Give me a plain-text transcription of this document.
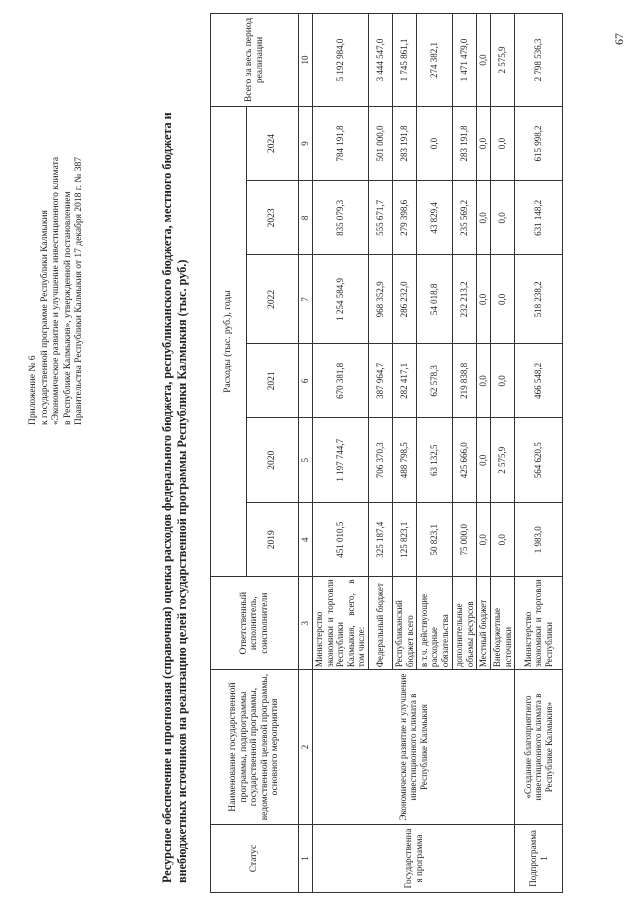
Приложение № 6 к государственной программе Республики Калмыкия «Экономическое развитие и улучшение инвестиционного климата в Республике Калмыкия», утвержденной постановлением Правительства Республики Калмыкия от 17 декабря 2018 г. № 387	Ресурсное обеспечение и прогнозная (справочная) оценка расходов федерального бюджета, республиканского бюджета, местного бюджета и внебюджетных источников на реализацию целей государственной программы Республики Калмыкия (тыс. руб.)	Статус	Наименование государственной программы, подпрограммы государственной программы, ведомственной целевой программы, основного мероприятия	Ответственный исполнитель, соисполнители	Расходы (тыс. руб.), годы						Всего за весь период реализации
			2019	2020	2021	2022	2023	2024	
1	2	3	4	5	6	7	8	9	10
Государственна я программа	Экономическое развитие и улучшение инвестиционного климата в Республике Калмыкия	Министерство экономики и торговли Республики Калмыкия, всего, в том числе:	451 010,5	1 197 744,7	670 381,8	1 254 584,9	835 079,3	784 191,8	5 192 984,0
		Федеральный бюджет	325 187,4	706 370,3	387 964,7	968 352,9	555 671,7	501 000,0	3 444 547,0
		Республиканский бюджет всего	125 823,1	488 798,5	282 417,1	286 232,0	279 398,6	283 191,8	1 745 861,1
		в т.ч. действующие расходные обязательства	50 823,1	63 132,5	62 578,3	54 018,8	43 829,4	0,0	274 382,1
		дополнительные объемы ресурсов	75 000,0	425 666,0	219 838,8	232 213,2	235 569,2	283 191,8	1 471 479,0
		Местный бюджет	0,0	0,0	0,0	0,0	0,0	0,0	0,0
		Внебюджетные источники	0,0	2 575,9	0,0	0,0	0,0	0,0	2 575,9
Подпрограмма 1	«Создание благоприятного инвестиционного климата в Республике Калмыкия»	Министерство экономики и торговли Республики	1 983,0	564 620,5	466 548,2	518 238,2	631 148,2	615 998,2	2 798 536,3	67
